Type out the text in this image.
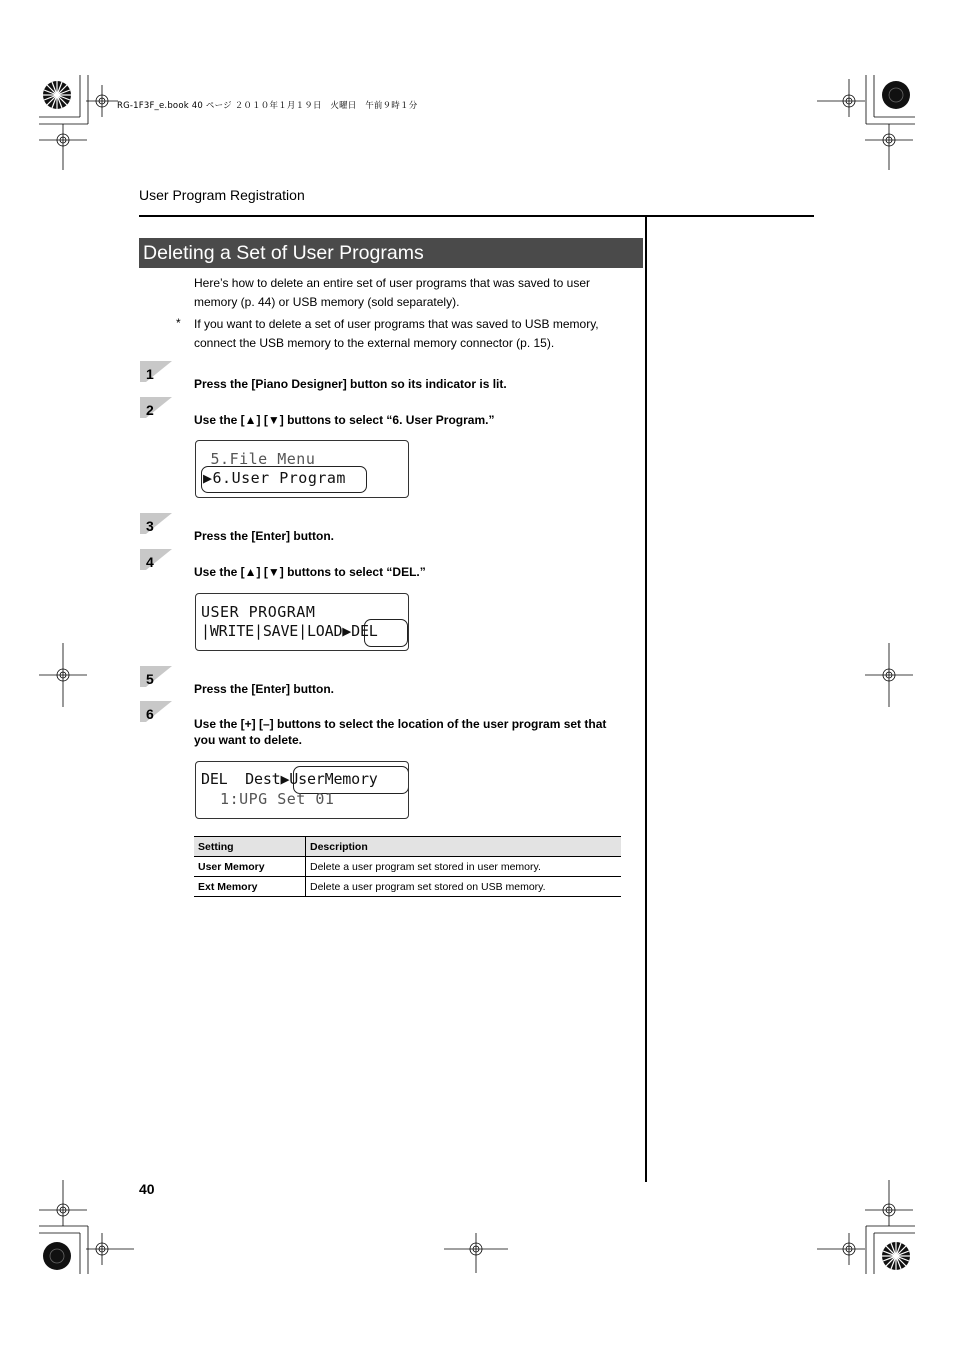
RG-1F3F_e.book 40 ページ ２０１０年１月１９日　火曜日　午前９時１分
User Program Registration
Deleting a Set of User Programs
Here’s how to delete an entire set of user programs that was saved to user memory (p. 44) or USB memory (sold separately).
* If you want to delete a set of user programs that was saved to USB memory, connect the USB memory to the external memory connector (p. 15).
1
Press the [Piano Designer] button so its indicator is lit.
2
Use the [▲] [▼] buttons to select “6. User Program.”
5.File Menu
▶6.User Program
3
Press the [Enter] button.
4
Use the [▲] [▼] buttons to select “DEL.”
USER PROGRAM
|WRITE|SAVE|LOAD▶DEL
5
Press the [Enter] button.
6
Use the [+] [–] buttons to select the location of the user program set that you want to delete.
DEL  Dest▶UserMemory
1:UPG Set 01
Setting	Description
User Memory	Delete a user program set stored in user memory.
Ext Memory	Delete a user program set stored on USB memory.
40
